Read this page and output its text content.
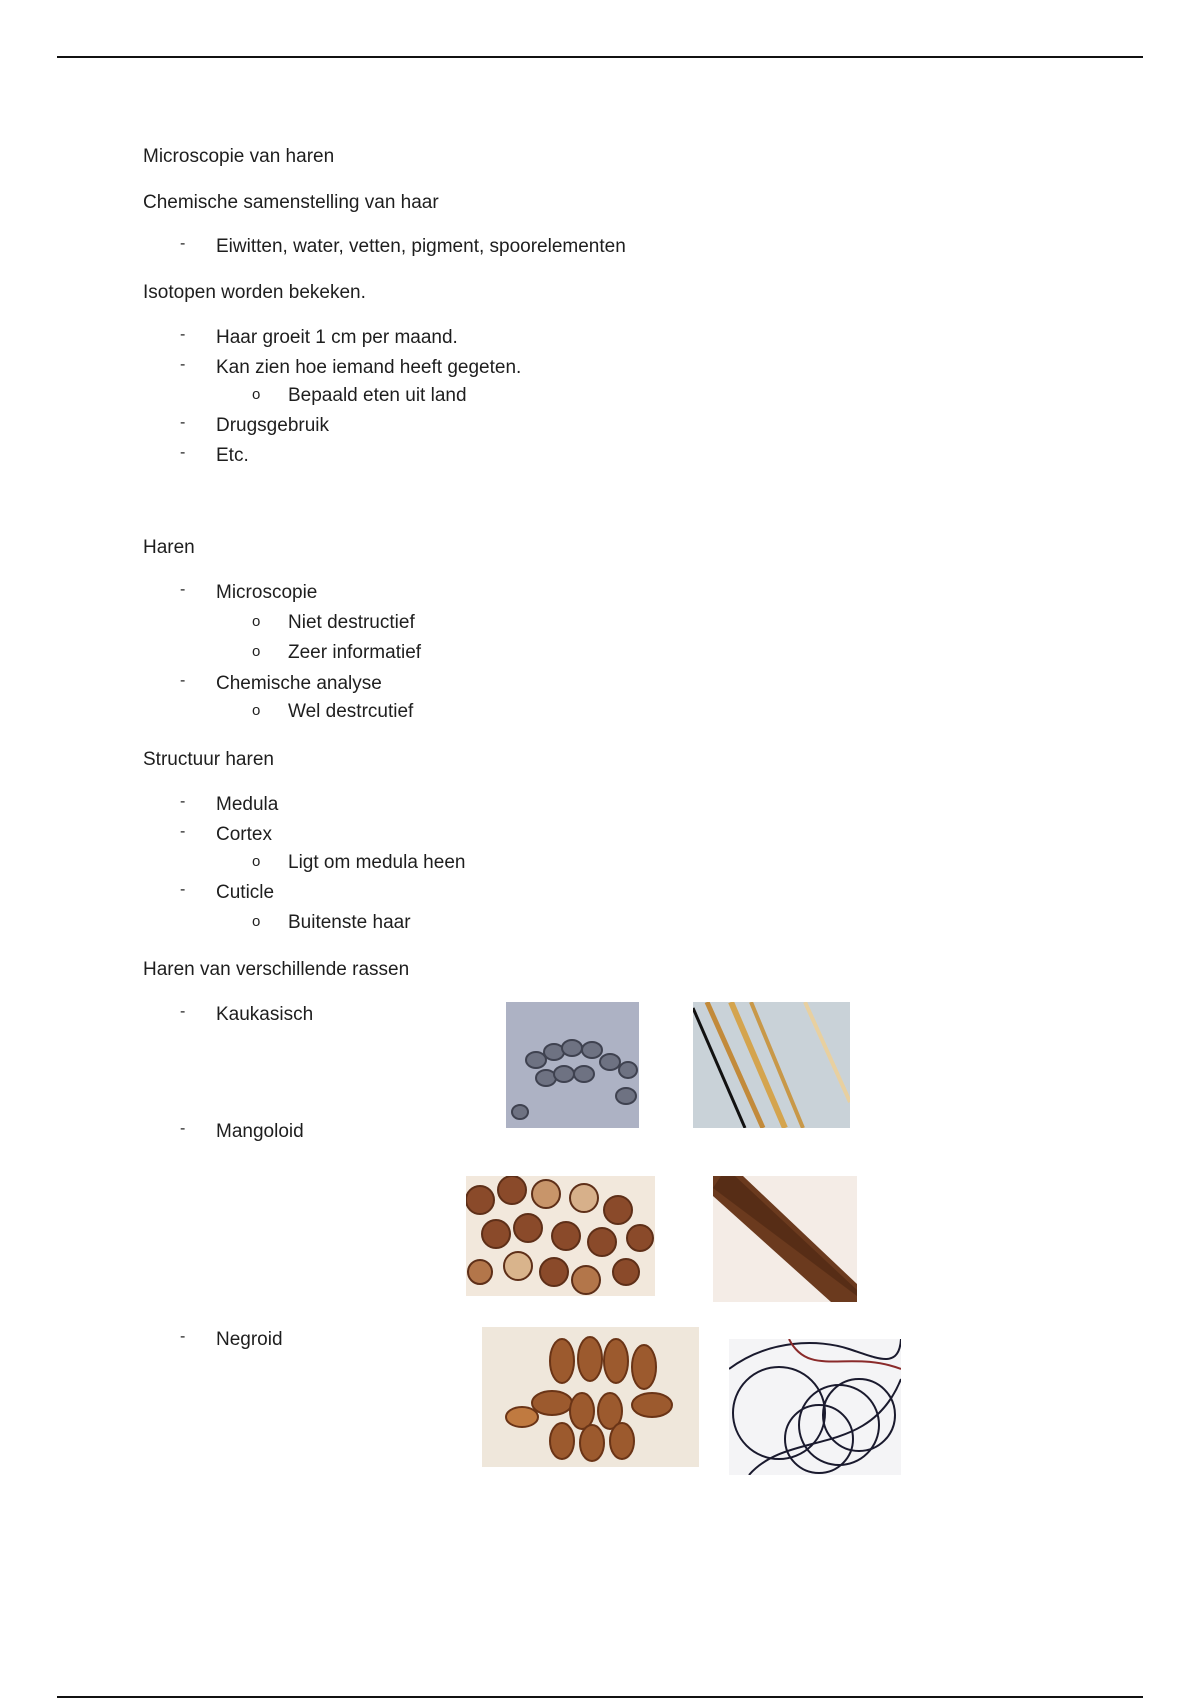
Microscopie van haren
Chemische samenstelling van haar
- Eiwitten, water, vetten, pigment, spoorelementen
Isotopen worden bekeken.
- Haar groeit 1 cm per maand.
- Kan zien hoe iemand heeft gegeten.
o Bepaald eten uit land
- Drugsgebruik
- Etc.
Haren
- Microscopie
o Niet destructief
o Zeer informatief
- Chemische analyse
o Wel destrcutief
Structuur haren
- Medula
- Cortex
o Ligt om medula heen
- Cuticle
o Buitenste haar
Haren van verschillende rassen
- Kaukasisch
- Mangoloid
- Negroid
